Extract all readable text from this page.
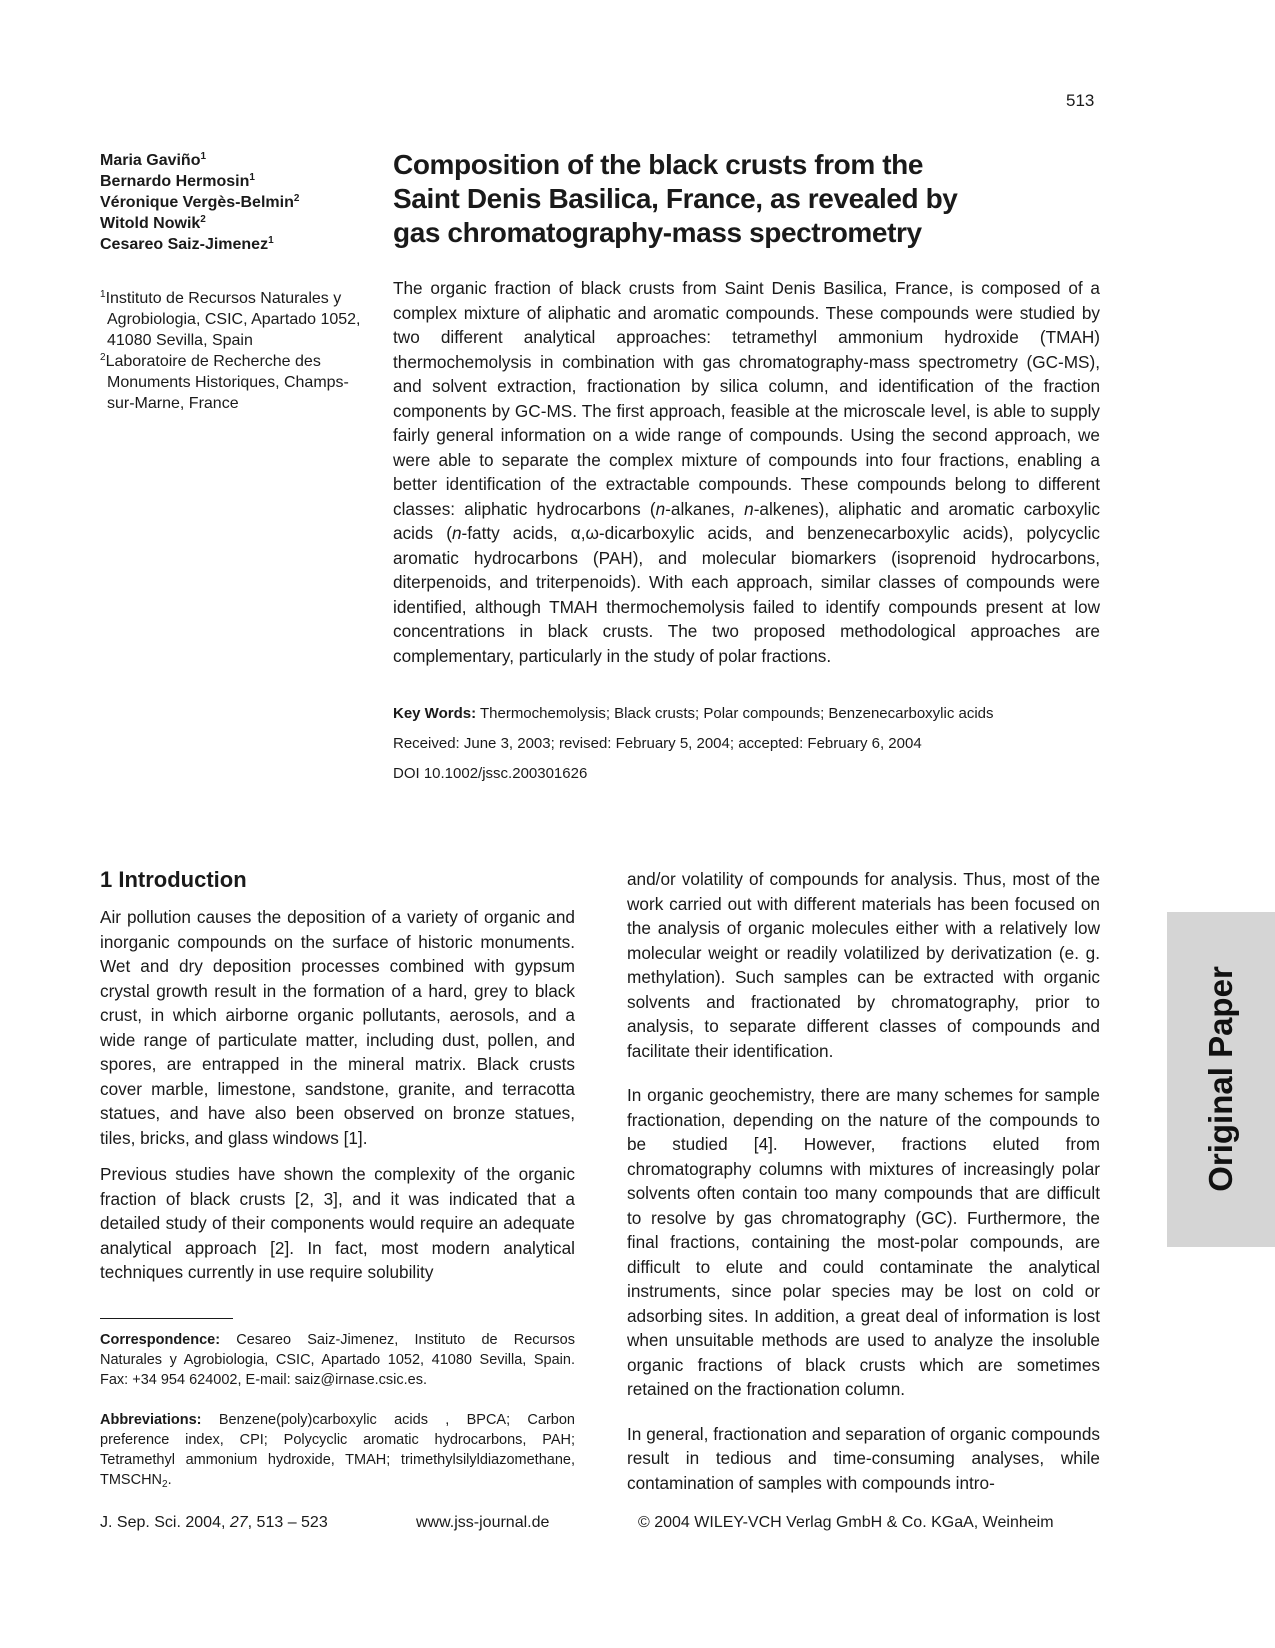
513
Maria Gaviño$^1$
Bernardo Hermosin$^1$
Véronique Vergès-Belmin$^2$
Witold Nowik$^2$
Cesareo Saiz-Jimenez$^1$
$^1$Instituto de Recursos Naturales y Agrobiologia, CSIC, Apartado 1052, 41080 Sevilla, Spain
$^2$Laboratoire de Recherche des Monuments Historiques, Champs-sur-Marne, France
Composition of the black crusts from the
Saint Denis Basilica, France, as revealed by
gas chromatography-mass spectrometry

The organic fraction of black crusts from Saint Denis Basilica, France, is composed of a complex mixture of aliphatic and aromatic compounds. These compounds were studied by two different analytical approaches: tetramethyl ammonium hydroxide (TMAH) thermochemolysis in combination with gas chromatography-mass spectrometry (GC-MS), and solvent extraction, fractionation by silica column, and identification of the fraction components by GC-MS. The first approach, feasible at the microscale level, is able to supply fairly general information on a wide range of compounds. Using the second approach, we were able to separate the complex mixture of compounds into four fractions, enabling a better identification of the extractable compounds. These compounds belong to different classes: aliphatic hydrocarbons (n-alkanes, n-alkenes), aliphatic and aromatic carboxylic acids (n-fatty acids, α,ω-dicarboxylic acids, and benzenecarboxylic acids), polycyclic aromatic hydrocarbons (PAH), and molecular biomarkers (isoprenoid hydrocarbons, diterpenoids, and triterpenoids). With each approach, similar classes of compounds were identified, although TMAH thermochemolysis failed to identify compounds present at low concentrations in black crusts. The two proposed methodological approaches are complementary, particularly in the study of polar fractions.

Key Words: Thermochemolysis; Black crusts; Polar compounds; Benzenecarboxylic acids
Received: June 3, 2003; revised: February 5, 2004; accepted: February 6, 2004
DOI 10.1002/jssc.200301626
1 Introduction

Air pollution causes the deposition of a variety of organic and inorganic compounds on the surface of historic monuments. Wet and dry deposition processes combined with gypsum crystal growth result in the formation of a hard, grey to black crust, in which airborne organic pollutants, aerosols, and a wide range of particulate matter, including dust, pollen, and spores, are entrapped in the mineral matrix. Black crusts cover marble, limestone, sandstone, granite, and terracotta statues, and have also been observed on bronze statues, tiles, bricks, and glass windows [1].

Previous studies have shown the complexity of the organic fraction of black crusts [2, 3], and it was indicated that a detailed study of their components would require an adequate analytical approach [2]. In fact, most modern analytical techniques currently in use require solubility

Correspondence: Cesareo Saiz-Jimenez, Instituto de Recursos Naturales y Agrobiologia, CSIC, Apartado 1052, 41080 Sevilla, Spain. Fax: +34 954 624002, E-mail: saiz@irnase.csic.es.

Abbreviations: Benzene(poly)carboxylic acids , BPCA; Carbon preference index, CPI; Polycyclic aromatic hydrocarbons, PAH; Tetramethyl ammonium hydroxide, TMAH; trimethylsilyldiazomethane, $TMSCHN_2$.

and/or volatility of compounds for analysis. Thus, most of the work carried out with different materials has been focused on the analysis of organic molecules either with a relatively low molecular weight or readily volatilized by derivatization (e. g. methylation). Such samples can be extracted with organic solvents and fractionated by chromatography, prior to analysis, to separate different classes of compounds and facilitate their identification.

In organic geochemistry, there are many schemes for sample fractionation, depending on the nature of the compounds to be studied [4]. However, fractions eluted from chromatography columns with mixtures of increasingly polar solvents often contain too many compounds that are difficult to resolve by gas chromatography (GC). Furthermore, the final fractions, containing the most-polar compounds, are difficult to elute and could contaminate the analytical instruments, since polar species may be lost on cold or adsorbing sites. In addition, a great deal of information is lost when unsuitable methods are used to analyze the insoluble organic fractions of black crusts which are sometimes retained on the fractionation column.

In general, fractionation and separation of organic compounds result in tedious and time-consuming analyses, while contamination of samples with compounds intro-

J. Sep. Sci. 2004, 27, 513 – 523	www.jss-journal.de	© 2004 WILEY-VCH Verlag GmbH & Co. KGaA, Weinheim
Original Paper
